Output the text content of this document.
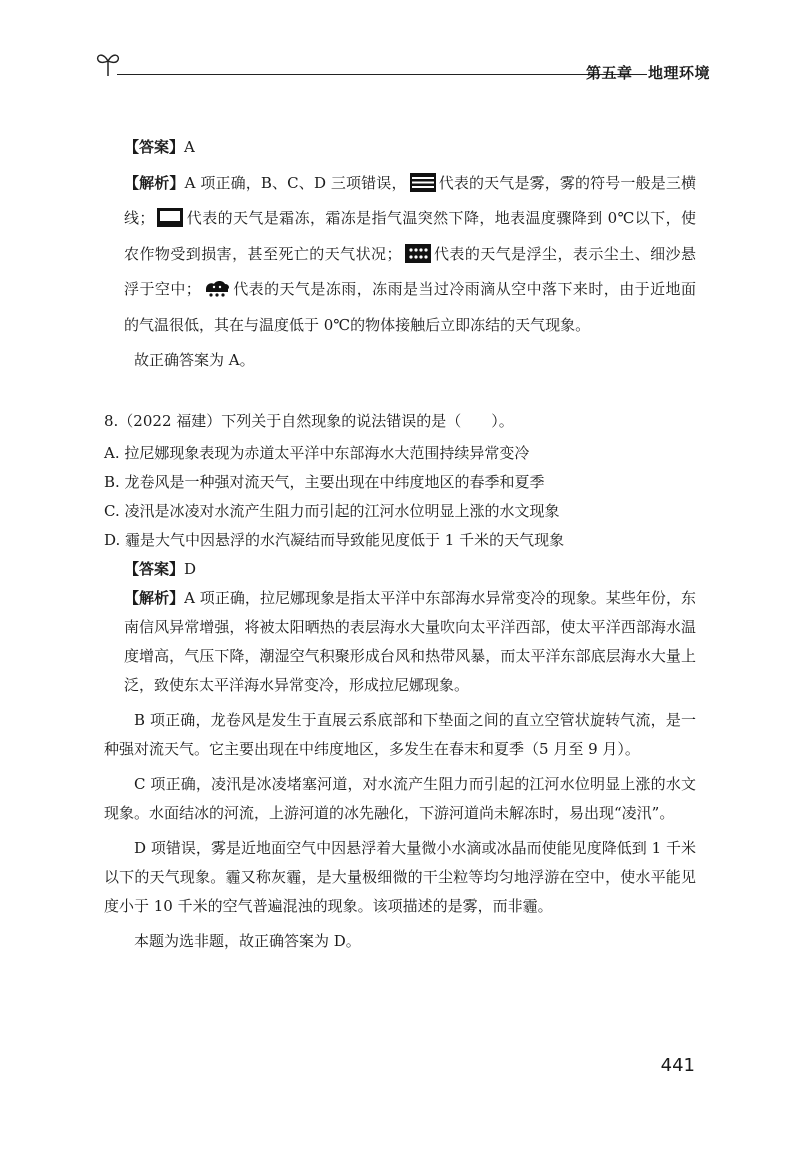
第五章　地理环境

【答案】A

【解析】A 项正确，B、C、D 三项错误， 代表的天气是雾，雾的符号一般是三横线； 代表的天气是霜冻，霜冻是指气温突然下降，地表温度骤降到 0℃以下，使农作物受到损害，甚至死亡的天气状况； 代表的天气是浮尘，表示尘土、细沙悬浮于空中； 代表的天气是冻雨，冻雨是当过冷雨滴从空中落下来时，由于近地面的气温很低，其在与温度低于 0℃的物体接触后立即冻结的天气现象。

故正确答案为 A。

8.（2022 福建）下列关于自然现象的说法错误的是（　　）。

A. 拉尼娜现象表现为赤道太平洋中东部海水大范围持续异常变冷

B. 龙卷风是一种强对流天气，主要出现在中纬度地区的春季和夏季

C. 凌汛是冰凌对水流产生阻力而引起的江河水位明显上涨的水文现象

D. 霾是大气中因悬浮的水汽凝结而导致能见度低于 1 千米的天气现象

【答案】D

【解析】A 项正确，拉尼娜现象是指太平洋中东部海水异常变冷的现象。某些年份，东南信风异常增强，将被太阳晒热的表层海水大量吹向太平洋西部，使太平洋西部海水温度增高，气压下降，潮湿空气积聚形成台风和热带风暴，而太平洋东部底层海水大量上泛，致使东太平洋海水异常变冷，形成拉尼娜现象。

B 项正确，龙卷风是发生于直展云系底部和下垫面之间的直立空管状旋转气流，是一种强对流天气。它主要出现在中纬度地区，多发生在春末和夏季（5 月至 9 月）。

C 项正确，凌汛是冰凌堵塞河道，对水流产生阻力而引起的江河水位明显上涨的水文现象。水面结冰的河流，上游河道的冰先融化，下游河道尚未解冻时，易出现“凌汛”。

D 项错误，雾是近地面空气中因悬浮着大量微小水滴或冰晶而使能见度降低到 1 千米以下的天气现象。霾又称灰霾，是大量极细微的干尘粒等均匀地浮游在空中，使水平能见度小于 10 千米的空气普遍混浊的现象。该项描述的是雾，而非霾。

本题为选非题，故正确答案为 D。

441
